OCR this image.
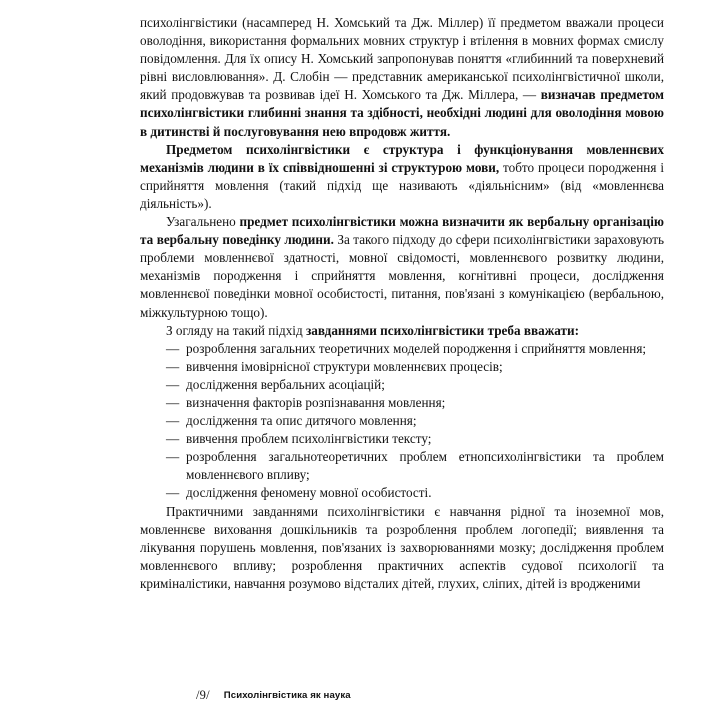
психолінгвістики (насамперед Н. Хомський та Дж. Міллер) її предметом вважали процеси оволодіння, використання формальних мовних структур і втілення в мовних формах смислу повідомлення. Для їх опису Н. Хомський запропонував поняття «глибинний та поверхневий рівні висловлювання». Д. Слобін — представник американської психолінгвістичної школи, який продовжував та розвивав ідеї Н. Хомського та Дж. Міллера, — визначав предметом психолінгвістики глибинні знання та здібності, необхідні людині для оволодіння мовою в дитинстві й послуговування нею впродовж життя.

Предметом психолінгвістики є структура і функціонування мовленнєвих механізмів людини в їх співвідношенні зі структурою мови, тобто процеси породження і сприйняття мовлення (такий підхід ще називають «діяльнісним» (від «мовленнєва діяльність»).

Узагальнено предмет психолінгвістики можна визначити як вербальну організацію та вербальну поведінку людини. За такого підходу до сфери психолінгвістики зараховують проблеми мовленнєвої здатності, мовної свідомості, мовленнєвого розвитку людини, механізмів породження і сприйняття мовлення, когнітивні процеси, дослідження мовленнєвої поведінки мовної особистості, питання, пов'язані з комунікацією (вербальною, міжкультурною тощо).

З огляду на такий підхід завданнями психолінгвістики треба вважати:

— розроблення загальних теоретичних моделей породження і сприйняття мовлення;
— вивчення імовірнісної структури мовленнєвих процесів;
— дослідження вербальних асоціацій;
— визначення факторів розпізнавання мовлення;
— дослідження та опис дитячого мовлення;
— вивчення проблем психолінгвістики тексту;
— розроблення загальнотеоретичних проблем етнопсихолінгвістики та проблем мовленнєвого впливу;
— дослідження феномену мовної особистості.

Практичними завданнями психолінгвістики є навчання рідної та іноземної мов, мовленнєве виховання дошкільників та розроблення проблем логопедії; виявлення та лікування порушень мовлення, пов'язаних із захворюваннями мозку; дослідження проблем мовленнєвого впливу; розроблення практичних аспектів судової психології та криміналістики, навчання розумово відсталих дітей, глухих, сліпих, дітей із вродженими

/9/ Психолінгвістика як наука
